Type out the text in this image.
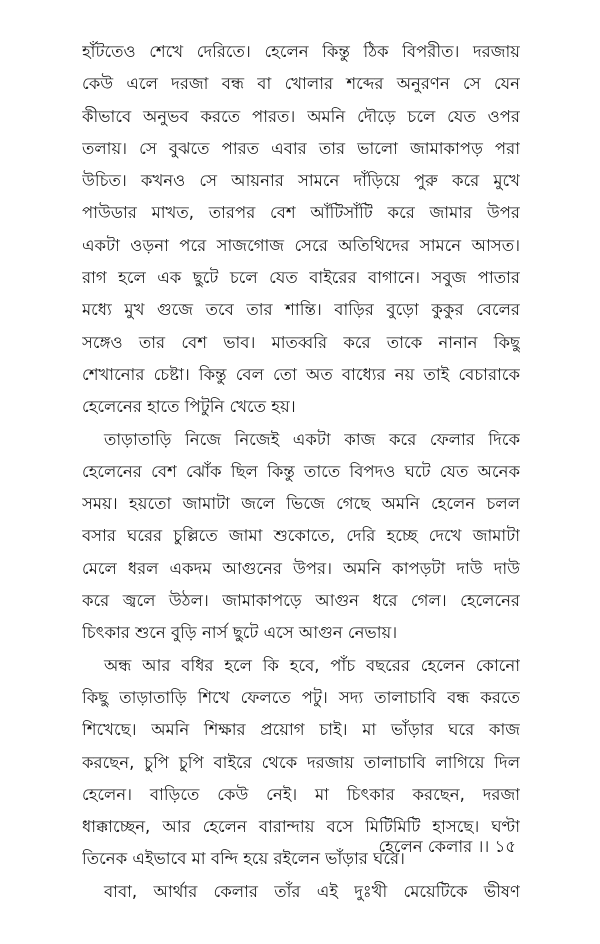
হাঁটতেও শেখে দেরিতে। হেলেন কিন্তু ঠিক বিপরীত। দরজায়
কেউ এলে দরজা বন্ধ বা খোলার শব্দের অনুরণন সে যেন
কীভাবে অনুভব করতে পারত। অমনি দৌড়ে চলে যেত ওপর
তলায়। সে বুঝতে পারত এবার তার ভালো জামাকাপড় পরা
উচিত। কখনও সে আয়নার সামনে দাঁড়িয়ে পুরু করে মুখে
পাউডার মাখত, তারপর বেশ আঁটিসাঁটি করে জামার উপর
একটা ওড়না পরে সাজগোজ সেরে অতিথিদের সামনে আসত।
রাগ হলে এক ছুটে চলে যেত বাইরের বাগানে। সবুজ পাতার
মধ্যে মুখ গুজে তবে তার শান্তি। বাড়ির বুড়ো কুকুর বেলের
সঙ্গেও তার বেশ ভাব। মাতব্বরি করে তাকে নানান কিছু
শেখানোর চেষ্টা। কিন্তু বেল তো অত বাধ্যের নয় তাই বেচারাকে
হেলেনের হাতে পিটুনি খেতে হয়।
তাড়াতাড়ি নিজে নিজেই একটা কাজ করে ফেলার দিকে
হেলেনের বেশ ঝোঁক ছিল কিন্তু তাতে বিপদও ঘটে যেত অনেক
সময়। হয়তো জামাটা জলে ভিজে গেছে অমনি হেলেন চলল
বসার ঘরের চুল্লিতে জামা শুকোতে, দেরি হচ্ছে দেখে জামাটা
মেলে ধরল একদম আগুনের উপর। অমনি কাপড়টা দাউ দাউ
করে জ্বলে উঠল। জামাকাপড়ে আগুন ধরে গেল। হেলেনের
চিৎকার শুনে বুড়ি নার্স ছুটে এসে আগুন নেভায়।
অন্ধ আর বধির হলে কি হবে, পাঁচ বছরের হেলেন কোনো
কিছু তাড়াতাড়ি শিখে ফেলতে পটু। সদ্য তালাচাবি বন্ধ করতে
শিখেছে। অমনি শিক্ষার প্রয়োগ চাই। মা ভাঁড়ার ঘরে কাজ
করছেন, চুপি চুপি বাইরে থেকে দরজায় তালাচাবি লাগিয়ে দিল
হেলেন। বাড়িতে কেউ নেই। মা চিৎকার করছেন, দরজা
ধাক্কাচ্ছেন, আর হেলেন বারান্দায় বসে মিটিমিটি হাসছে। ঘণ্টা
তিনেক এইভাবে মা বন্দি হয়ে রইলেন ভাঁড়ার ঘরে।
বাবা, আর্থার কেলার তাঁর এই দুঃখী মেয়েটিকে ভীষণ
হেলেন কেলার ।। ১৫
